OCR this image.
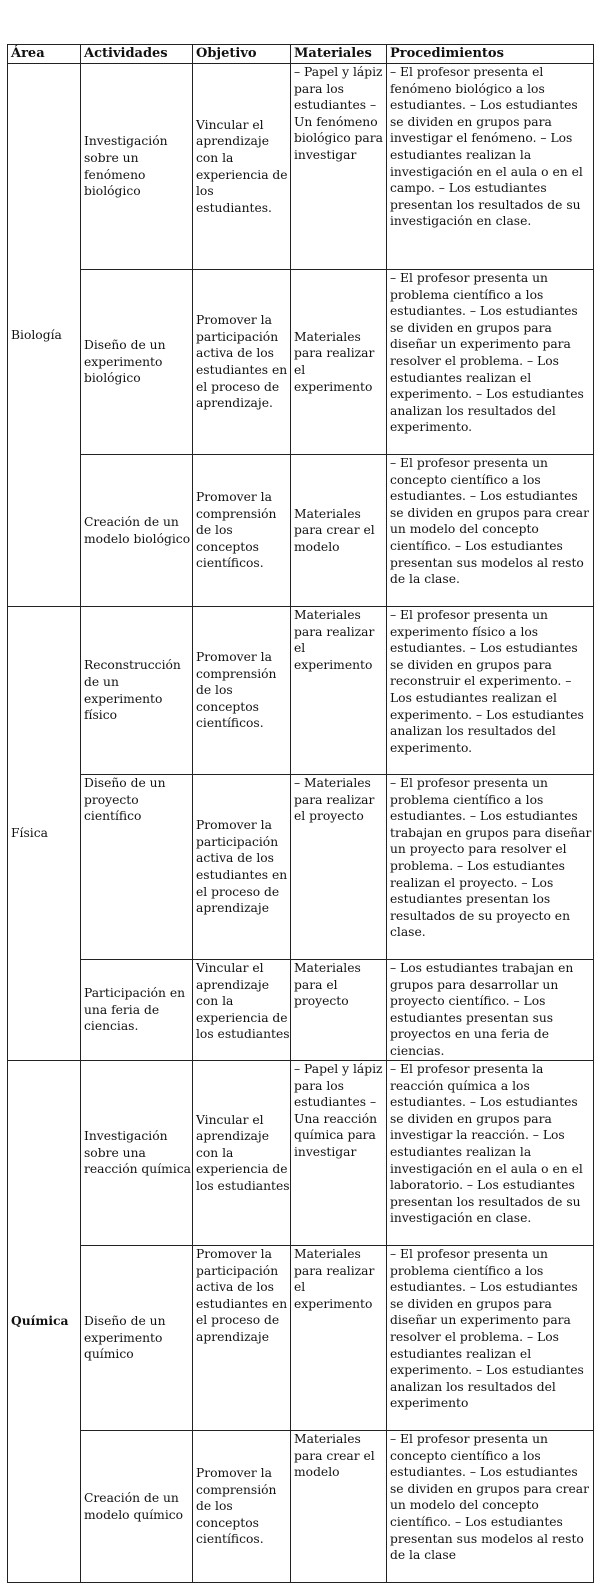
Área	Actividades	Objetivo	Materiales	Procedimientos
Biología	Investigación sobre un fenómeno biológico	Vincular el aprendizaje con la experiencia de los estudiantes.	– Papel y lápiz para los estudiantes – Un fenómeno biológico para investigar	– El profesor presenta el fenómeno biológico a los estudiantes. – Los estudiantes se dividen en grupos para investigar el fenómeno. – Los estudiantes realizan la investigación en el aula o en el campo. – Los estudiantes presentan los resultados de su investigación en clase.
	Diseño de un experimento biológico	Promover la participación activa de los estudiantes en el proceso de aprendizaje.	Materiales para realizar el experimento	– El profesor presenta un problema científico a los estudiantes. – Los estudiantes se dividen en grupos para diseñar un experimento para resolver el problema. – Los estudiantes realizan el experimento. – Los estudiantes analizan los resultados del experimento.
	Creación de un modelo biológico	Promover la comprensión de los conceptos científicos.	Materiales para crear el modelo	– El profesor presenta un concepto científico a los estudiantes. – Los estudiantes se dividen en grupos para crear un modelo del concepto científico. – Los estudiantes presentan sus modelos al resto de la clase.
Física	Reconstrucción de un experimento físico	Promover la comprensión de los conceptos científicos.	Materiales para realizar el experimento	– El profesor presenta un experimento físico a los estudiantes. – Los estudiantes se dividen en grupos para reconstruir el experimento. – Los estudiantes realizan el experimento. – Los estudiantes analizan los resultados del experimento.
	Diseño de un proyecto científico	Promover la participación activa de los estudiantes en el proceso de aprendizaje	– Materiales para realizar el proyecto	– El profesor presenta un problema científico a los estudiantes. – Los estudiantes trabajan en grupos para diseñar un proyecto para resolver el problema. – Los estudiantes realizan el proyecto. – Los estudiantes presentan los resultados de su proyecto en clase.
	Participación en una feria de ciencias.	Vincular el aprendizaje con la experiencia de los estudiantes	Materiales para el proyecto	– Los estudiantes trabajan en grupos para desarrollar un proyecto científico. – Los estudiantes presentan sus proyectos en una feria de ciencias.
Química	Investigación sobre una reacción química	Vincular el aprendizaje con la experiencia de los estudiantes	– Papel y lápiz para los estudiantes – Una reacción química para investigar	– El profesor presenta la reacción química a los estudiantes. – Los estudiantes se dividen en grupos para investigar la reacción. – Los estudiantes realizan la investigación en el aula o en el laboratorio. – Los estudiantes presentan los resultados de su investigación en clase.
	Diseño de un experimento químico	Promover la participación activa de los estudiantes en el proceso de aprendizaje	Materiales para realizar el experimento	– El profesor presenta un problema científico a los estudiantes. – Los estudiantes se dividen en grupos para diseñar un experimento para resolver el problema. – Los estudiantes realizan el experimento. – Los estudiantes analizan los resultados del experimento
	Creación de un modelo químico	Promover la comprensión de los conceptos científicos.	Materiales para crear el modelo	– El profesor presenta un concepto científico a los estudiantes. – Los estudiantes se dividen en grupos para crear un modelo del concepto científico. – Los estudiantes presentan sus modelos al resto de la clase
